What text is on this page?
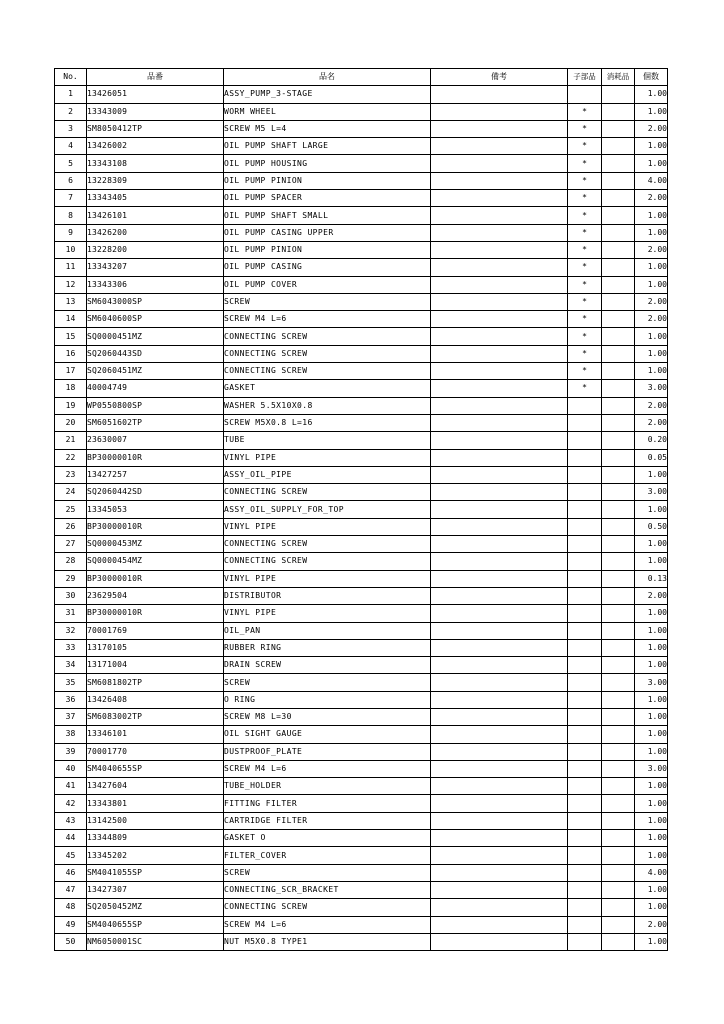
No.	品番	品名	備考	子部品	消耗品	個数
1	13426051	ASSY_PUMP_3-STAGE				1.00
2	13343009	WORM WHEEL		*		1.00
3	SM8050412TP	SCREW M5 L=4		*		2.00
4	13426002	OIL PUMP SHAFT LARGE		*		1.00
5	13343108	OIL PUMP HOUSING		*		1.00
6	13228309	OIL PUMP PINION		*		4.00
7	13343405	OIL PUMP SPACER		*		2.00
8	13426101	OIL PUMP SHAFT SMALL		*		1.00
9	13426200	OIL PUMP CASING UPPER		*		1.00
10	13228200	OIL PUMP PINION		*		2.00
11	13343207	OIL PUMP CASING		*		1.00
12	13343306	OIL PUMP COVER		*		1.00
13	SM6043000SP	SCREW		*		2.00
14	SM6040600SP	SCREW M4 L=6		*		2.00
15	SQ0000451MZ	CONNECTING SCREW		*		1.00
16	SQ2060443SD	CONNECTING SCREW		*		1.00
17	SQ2060451MZ	CONNECTING SCREW		*		1.00
18	40004749	GASKET		*		3.00
19	WP0550800SP	WASHER 5.5X10X0.8				2.00
20	SM6051602TP	SCREW M5X0.8 L=16				2.00
21	23630007	TUBE				0.20
22	BP30000010R	VINYL PIPE				0.05
23	13427257	ASSY_OIL_PIPE				1.00
24	SQ2060442SD	CONNECTING SCREW				3.00
25	13345053	ASSY_OIL_SUPPLY_FOR_TOP				1.00
26	BP30000010R	VINYL PIPE				0.50
27	SQ0000453MZ	CONNECTING SCREW				1.00
28	SQ0000454MZ	CONNECTING SCREW				1.00
29	BP30000010R	VINYL PIPE				0.13
30	23629504	DISTRIBUTOR				2.00
31	BP30000010R	VINYL PIPE				1.00
32	70001769	OIL_PAN				1.00
33	13170105	RUBBER RING				1.00
34	13171004	DRAIN SCREW				1.00
35	SM6081802TP	SCREW				3.00
36	13426408	O RING				1.00
37	SM6083002TP	SCREW M8 L=30				1.00
38	13346101	OIL SIGHT GAUGE				1.00
39	70001770	DUSTPROOF_PLATE				1.00
40	SM4040655SP	SCREW M4 L=6				3.00
41	13427604	TUBE_HOLDER				1.00
42	13343801	FITTING FILTER				1.00
43	13142500	CARTRIDGE FILTER				1.00
44	13344809	GASKET O				1.00
45	13345202	FILTER_COVER				1.00
46	SM4041055SP	SCREW				4.00
47	13427307	CONNECTING_SCR_BRACKET				1.00
48	SQ2050452MZ	CONNECTING SCREW				1.00
49	SM4040655SP	SCREW M4 L=6				2.00
50	NM6050001SC	NUT M5X0.8 TYPE1				1.00
